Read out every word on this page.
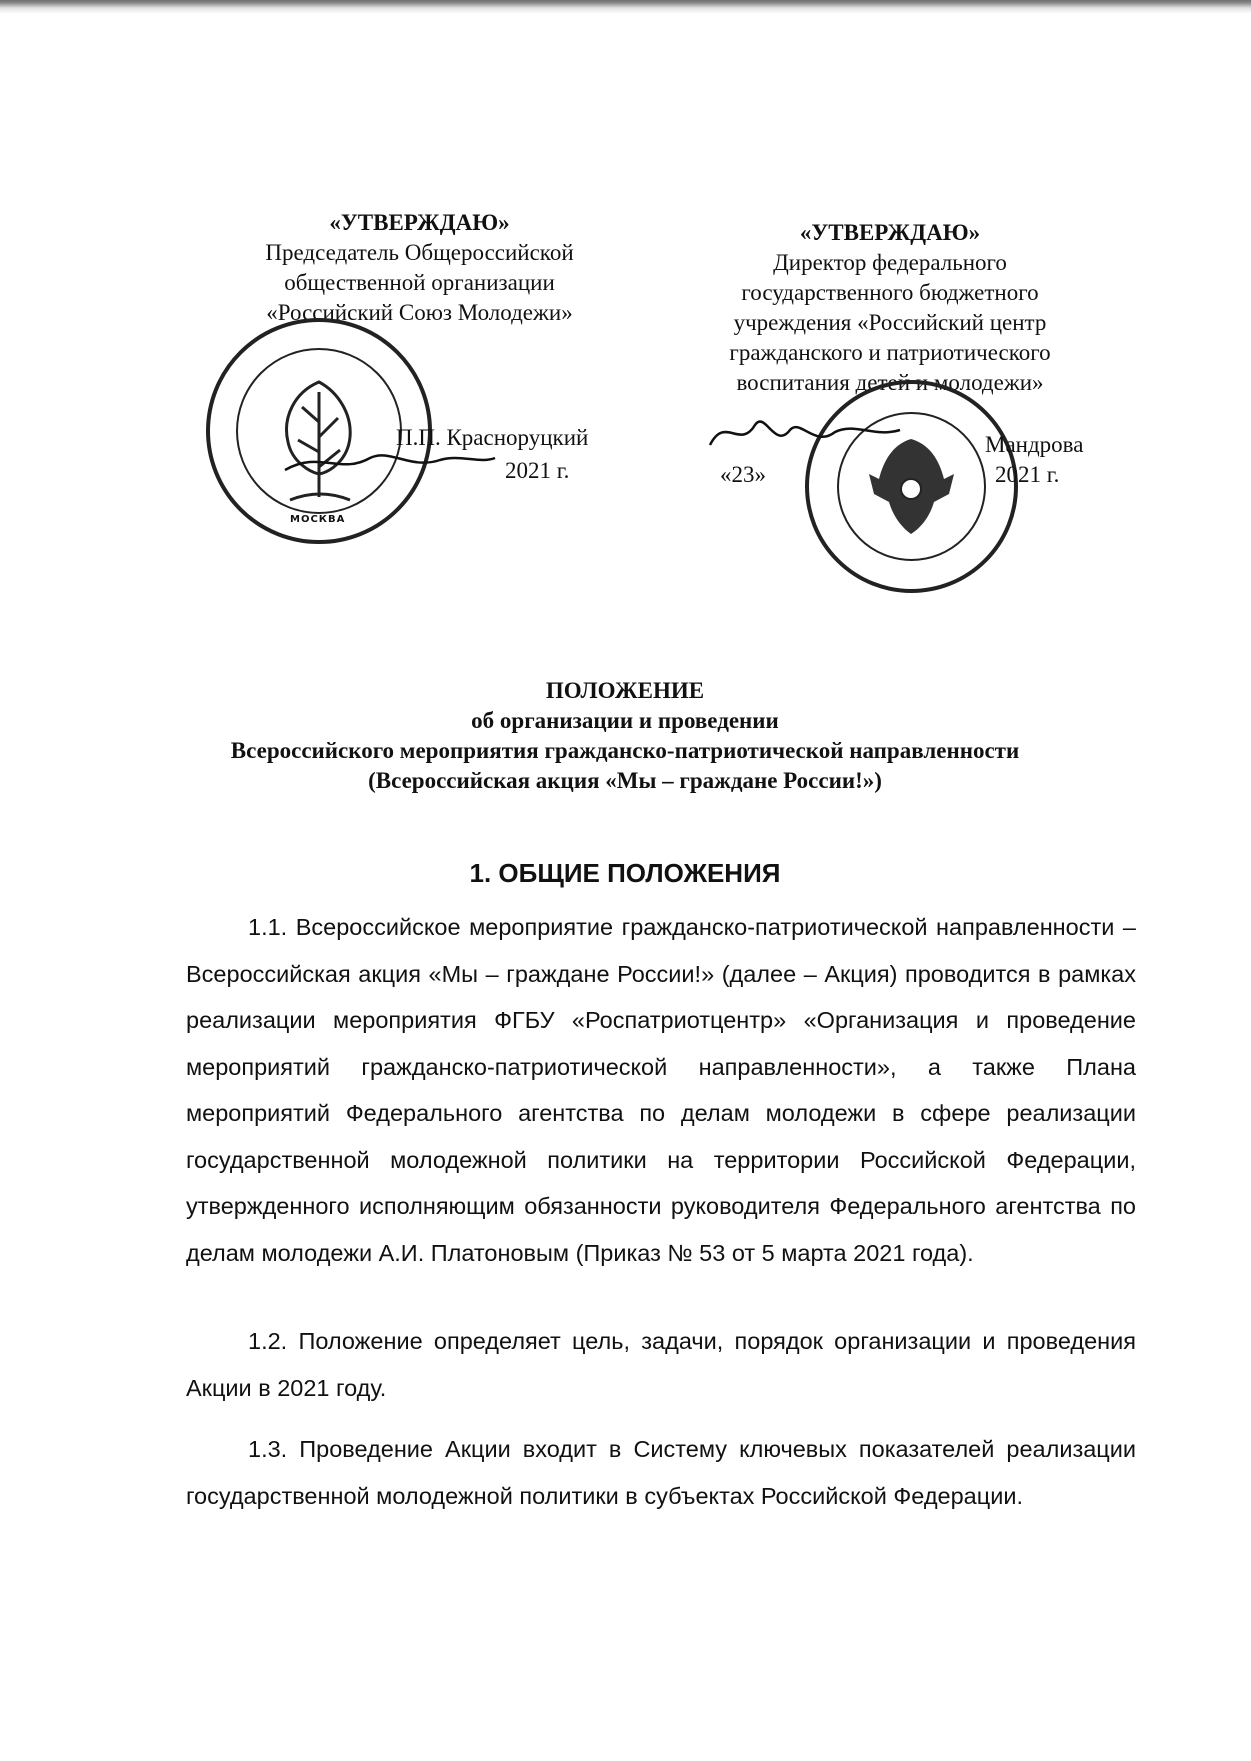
«УТВЕРЖДАЮ»
Председатель Общероссийской
общественной организации
«Российский Союз Молодежи»
МОСКВА
П.П. Красноруцкий
2021 г.
«УТВЕРЖДАЮ»
Директор федерального
государственного бюджетного
учреждения «Российский центр
гражданского и патриотического
воспитания детей и молодежи»
Мандрова
«23»	2021 г.
ПОЛОЖЕНИЕ
об организации и проведении
Всероссийского мероприятия гражданско-патриотической направленности
(Всероссийская акция «Мы – граждане России!»)
1. ОБЩИЕ ПОЛОЖЕНИЯ
1.1. Всероссийское мероприятие гражданско-патриотической направленности – Всероссийская акция «Мы – граждане России!» (далее – Акция) проводится в рамках реализации мероприятия ФГБУ «Роспатриотцентр» «Организация и проведение мероприятий гражданско-патриотической направленности», а также Плана мероприятий Федерального агентства по делам молодежи в сфере реализации государственной молодежной политики на территории Российской Федерации, утвержденного исполняющим обязанности руководителя Федерального агентства по делам молодежи А.И. Платоновым (Приказ № 53 от 5 марта 2021 года).
1.2. Положение определяет цель, задачи, порядок организации и проведения Акции в 2021 году.
1.3. Проведение Акции входит в Систему ключевых показателей реализации государственной молодежной политики в субъектах Российской Федерации.
